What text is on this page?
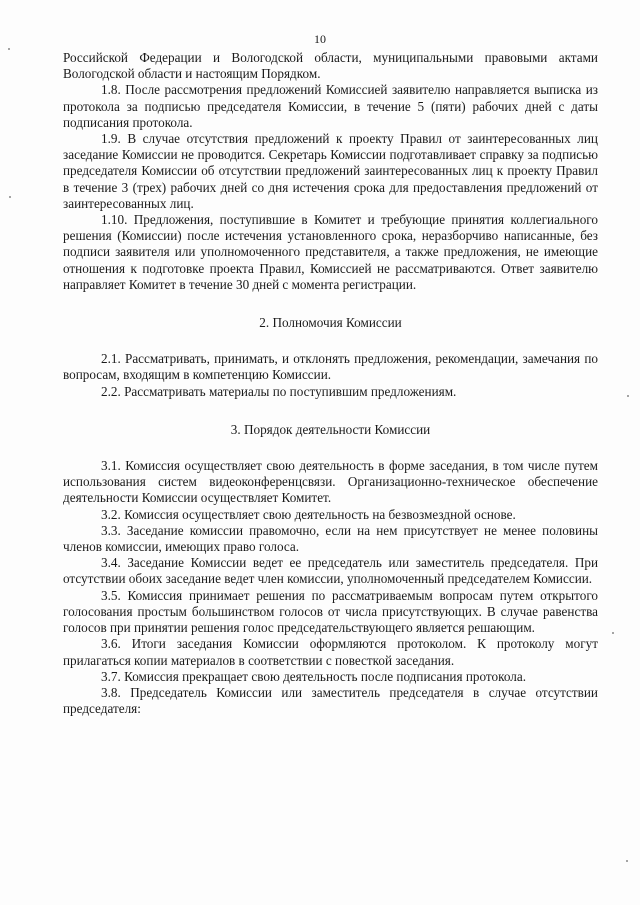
10

Российской Федерации и Вологодской области, муниципальными правовыми актами Вологодской области и настоящим Порядком.

1.8. После рассмотрения предложений Комиссией заявителю направляется выписка из протокола за подписью председателя Комиссии, в течение 5 (пяти) рабочих дней с даты подписания протокола.

1.9. В случае отсутствия предложений к проекту Правил от заинтересованных лиц заседание Комиссии не проводится. Секретарь Комиссии подготавливает справку за подписью председателя Комиссии об отсутствии предложений заинтересованных лиц к проекту Правил в течение 3 (трех) рабочих дней со дня истечения срока для предоставления предложений от заинтересованных лиц.

1.10. Предложения, поступившие в Комитет и требующие принятия коллегиального решения (Комиссии) после истечения установленного срока, неразборчиво написанные, без подписи заявителя или уполномоченного представителя, а также предложения, не имеющие отношения к подготовке проекта Правил, Комиссией не рассматриваются. Ответ заявителю направляет Комитет в течение 30 дней с момента регистрации.

2. Полномочия Комиссии

2.1. Рассматривать, принимать, и отклонять предложения, рекомендации, замечания по вопросам, входящим в компетенцию Комиссии.

2.2. Рассматривать материалы по поступившим предложениям.

3. Порядок деятельности Комиссии

3.1. Комиссия осуществляет свою деятельность в форме заседания, в том числе путем использования систем видеоконференцсвязи. Организационно-техническое обеспечение деятельности Комиссии осуществляет Комитет.

3.2. Комиссия осуществляет свою деятельность на безвозмездной основе.

3.3. Заседание комиссии правомочно, если на нем присутствует не менее половины членов комиссии, имеющих право голоса.

3.4. Заседание Комиссии ведет ее председатель или заместитель председателя. При отсутствии обоих заседание ведет член комиссии, уполномоченный председателем Комиссии.

3.5. Комиссия принимает решения по рассматриваемым вопросам путем открытого голосования простым большинством голосов от числа присутствующих. В случае равенства голосов при принятии решения голос председательствующего является решающим.

3.6. Итоги заседания Комиссии оформляются протоколом. К протоколу могут прилагаться копии материалов в соответствии с повесткой заседания.

3.7. Комиссия прекращает свою деятельность после подписания протокола.

3.8. Председатель Комиссии или заместитель председателя в случае отсутствии председателя:
